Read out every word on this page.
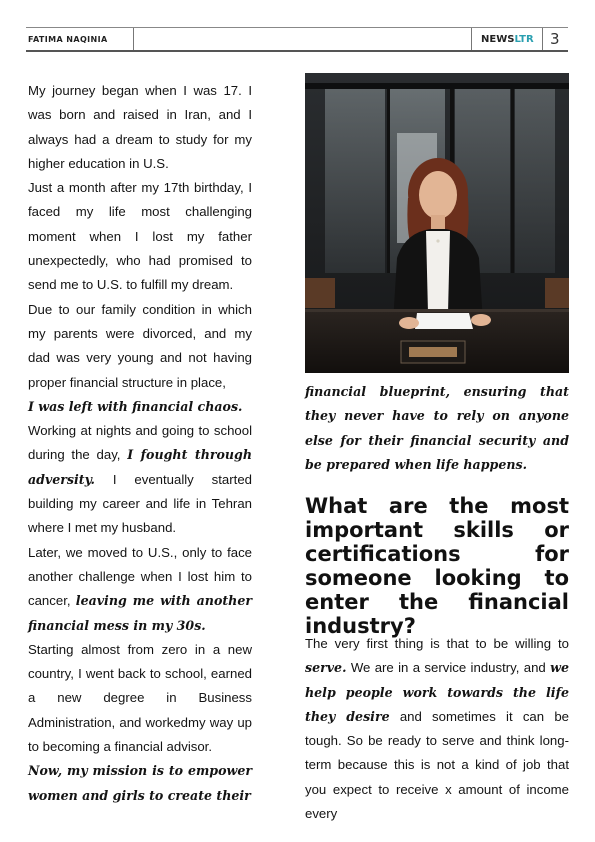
FATIMA NAQINIA	NEWSLTR 3

My journey began when I was 17. I was born and raised in Iran, and I always had a dream to study for my higher education in U.S.

Just a month after my 17th birthday, I faced my life most challenging moment when I lost my father unexpectedly, who had promised to send me to U.S. to fulfill my dream.

Due to our family condition in which my parents were divorced, and my dad was very young and not having proper financial structure in place,
I was left with financial chaos.

Working at nights and going to school during the day, I fought through adversity. I eventually started building my career and life in Tehran where I met my husband.

Later, we moved to U.S., only to face another challenge when I lost him to cancer, leaving me with another financial mess in my 30s.

Starting almost from zero in a new country, I went back to school, earned a new degree in Business Administration, and workedmy way up to becoming a financial advisor.

Now, my mission is to empower women and girls to create their

financial blueprint, ensuring that they never have to rely on anyone else for their financial security and be prepared when life happens.

What are the most important skills or certifications for someone looking to enter the financial industry?

The very first thing is that to be willing to serve. We are in a service industry, and we help people work towards the life they desire and sometimes it can be tough. So be ready to serve and think long-term because this is not a kind of job that you expect to receive x amount of income every
